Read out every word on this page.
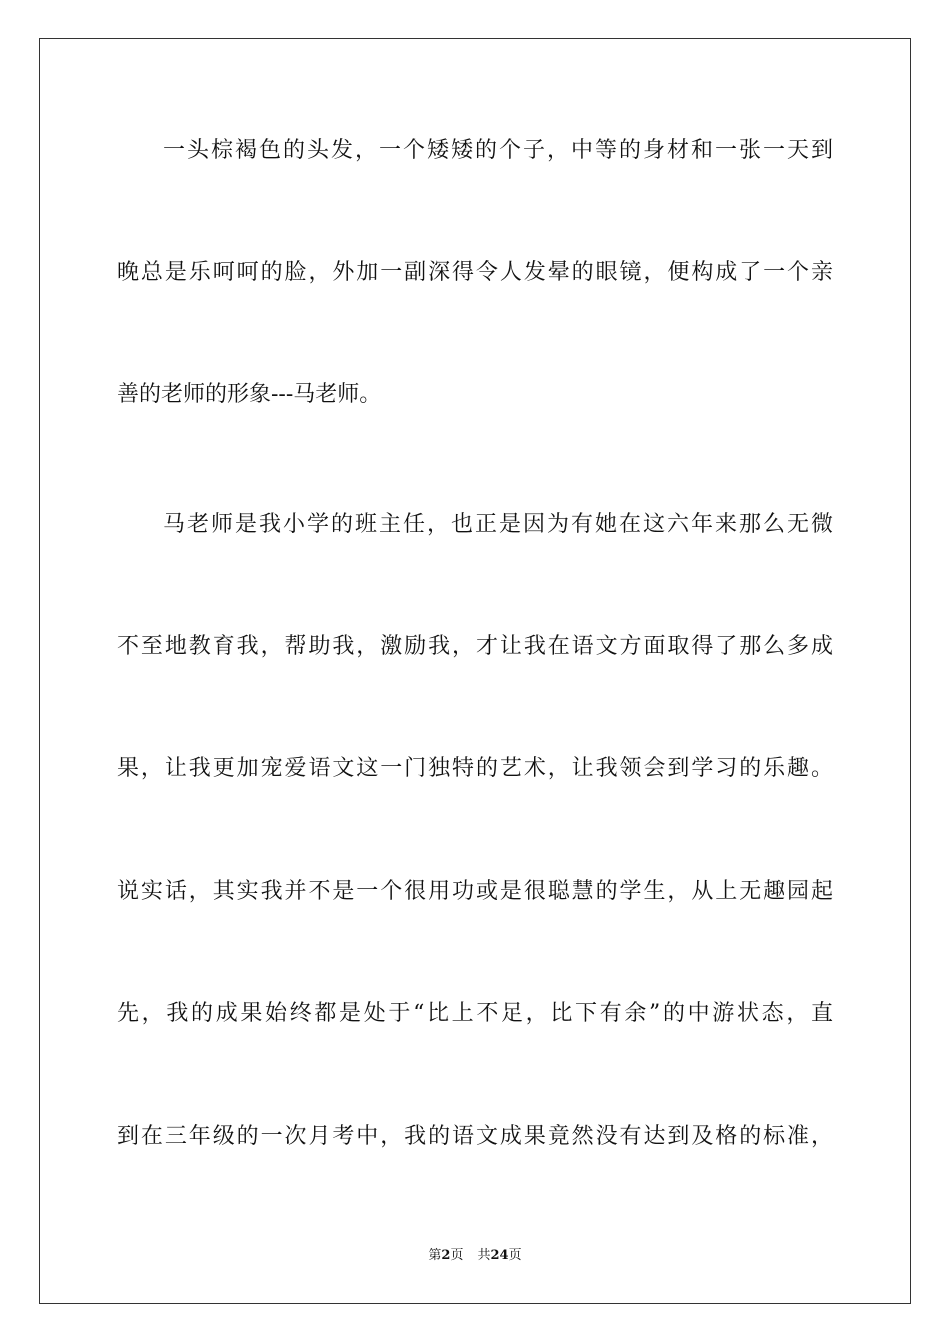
一头棕褐色的头发，一个矮矮的个子，中等的身材和一张一天到
晚总是乐呵呵的脸，外加一副深得令人发晕的眼镜，便构成了一个亲
善的老师的形象---马老师。
马老师是我小学的班主任，也正是因为有她在这六年来那么无微
不至地教育我，帮助我，激励我，才让我在语文方面取得了那么多成
果，让我更加宠爱语文这一门独特的艺术，让我领会到学习的乐趣。
说实话，其实我并不是一个很用功或是很聪慧的学生，从上无趣园起
先，我的成果始终都是处于“比上不足，比下有余”的中游状态，直
到在三年级的一次月考中，我的语文成果竟然没有达到及格的标准，
第2页 共24页
